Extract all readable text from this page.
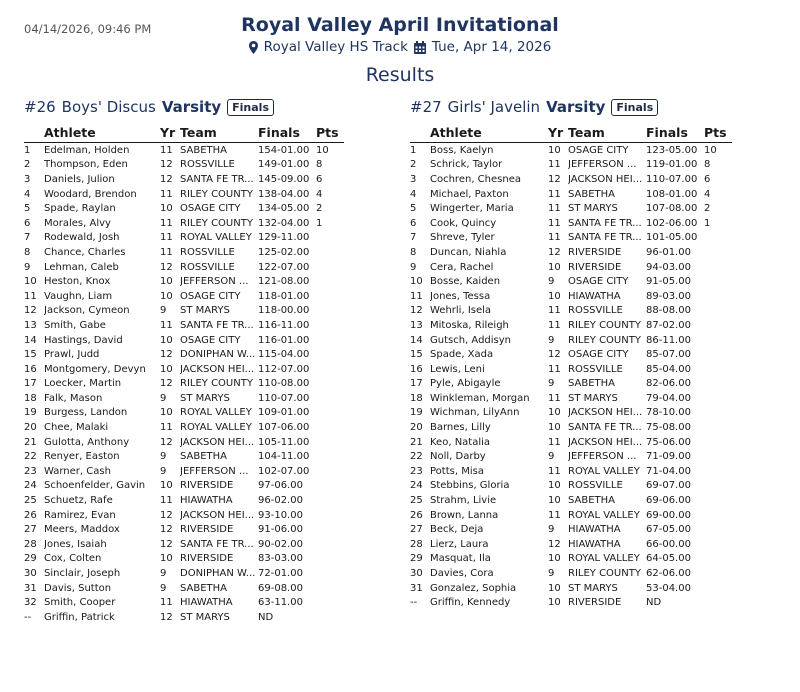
04/14/2026, 09:46 PM	Royal Valley April Invitational
Royal Valley HS Track Tue, Apr 14, 2026
Results
#26 Boys' Discus Varsity	Finals
	Athlete	Yr	Team	Finals	Pts
1	Edelman, Holden	11	SABETHA	154-01.00	10
2	Thompson, Eden	12	ROSSVILLE	149-01.00	8
3	Daniels, Julion	12	SANTA FE TR...	145-09.00	6
4	Woodard, Brendon	11	RILEY COUNTY	138-04.00	4
5	Spade, Raylan	10	OSAGE CITY	134-05.00	2
6	Morales, Alvy	11	RILEY COUNTY	132-04.00	1
7	Rodewald, Josh	11	ROYAL VALLEY	129-11.00	
8	Chance, Charles	11	ROSSVILLE	125-02.00	
9	Lehman, Caleb	12	ROSSVILLE	122-07.00	
10	Heston, Knox	10	JEFFERSON ...	121-08.00	
11	Vaughn, Liam	10	OSAGE CITY	118-01.00	
12	Jackson, Cymeon	9	ST MARYS	118-00.00	
13	Smith, Gabe	11	SANTA FE TR...	116-11.00	
14	Hastings, David	10	OSAGE CITY	116-01.00	
15	Prawl, Judd	12	DONIPHAN W...	115-04.00	
16	Montgomery, Devyn	10	JACKSON HEI...	112-07.00	
17	Loecker, Martin	12	RILEY COUNTY	110-08.00	
18	Falk, Mason	9	ST MARYS	110-07.00	
19	Burgess, Landon	10	ROYAL VALLEY	109-01.00	
20	Chee, Malaki	11	ROYAL VALLEY	107-06.00	
21	Gulotta, Anthony	12	JACKSON HEI...	105-11.00	
22	Renyer, Easton	9	SABETHA	104-11.00	
23	Warner, Cash	9	JEFFERSON ...	102-07.00	
24	Schoenfelder, Gavin	10	RIVERSIDE	97-06.00	
25	Schuetz, Rafe	11	HIAWATHA	96-02.00	
26	Ramirez, Evan	12	JACKSON HEI...	93-10.00	
27	Meers, Maddox	12	RIVERSIDE	91-06.00	
28	Jones, Isaiah	12	SANTA FE TR...	90-02.00	
29	Cox, Colten	10	RIVERSIDE	83-03.00	
30	Sinclair, Joseph	9	DONIPHAN W...	72-01.00	
31	Davis, Sutton	9	SABETHA	69-08.00	
32	Smith, Cooper	11	HIAWATHA	63-11.00	
--	Griffin, Patrick	12	ST MARYS	ND	
#27 Girls' Javelin Varsity	Finals
	Athlete	Yr	Team	Finals	Pts
1	Boss, Kaelyn	10	OSAGE CITY	123-05.00	10
2	Schrick, Taylor	11	JEFFERSON ...	119-01.00	8
3	Cochren, Chesnea	12	JACKSON HEI...	110-07.00	6
4	Michael, Paxton	11	SABETHA	108-01.00	4
5	Wingerter, Maria	11	ST MARYS	107-08.00	2
6	Cook, Quincy	11	SANTA FE TR...	102-06.00	1
7	Shreve, Tyler	11	SANTA FE TR...	101-05.00	
8	Duncan, Niahla	12	RIVERSIDE	96-01.00	
9	Cera, Rachel	10	RIVERSIDE	94-03.00	
10	Bosse, Kaiden	9	OSAGE CITY	91-05.00	
11	Jones, Tessa	10	HIAWATHA	89-03.00	
12	Wehrli, Isela	11	ROSSVILLE	88-08.00	
13	Mitoska, Rileigh	11	RILEY COUNTY	87-02.00	
14	Gutsch, Addisyn	9	RILEY COUNTY	86-11.00	
15	Spade, Xada	12	OSAGE CITY	85-07.00	
16	Lewis, Leni	11	ROSSVILLE	85-04.00	
17	Pyle, Abigayle	9	SABETHA	82-06.00	
18	Winkleman, Morgan	11	ST MARYS	79-04.00	
19	Wichman, LilyAnn	10	JACKSON HEI...	78-10.00	
20	Barnes, Lilly	10	SANTA FE TR...	75-08.00	
21	Keo, Natalia	11	JACKSON HEI...	75-06.00	
22	Noll, Darby	9	JEFFERSON ...	71-09.00	
23	Potts, Misa	11	ROYAL VALLEY	71-04.00	
24	Stebbins, Gloria	10	ROSSVILLE	69-07.00	
25	Strahm, Livie	10	SABETHA	69-06.00	
26	Brown, Lanna	11	ROYAL VALLEY	69-00.00	
27	Beck, Deja	9	HIAWATHA	67-05.00	
28	Lierz, Laura	12	HIAWATHA	66-00.00	
29	Masquat, Ila	10	ROYAL VALLEY	64-05.00	
30	Davies, Cora	9	RILEY COUNTY	62-06.00	
31	Gonzalez, Sophia	10	ST MARYS	53-04.00	
--	Griffin, Kennedy	10	RIVERSIDE	ND	
